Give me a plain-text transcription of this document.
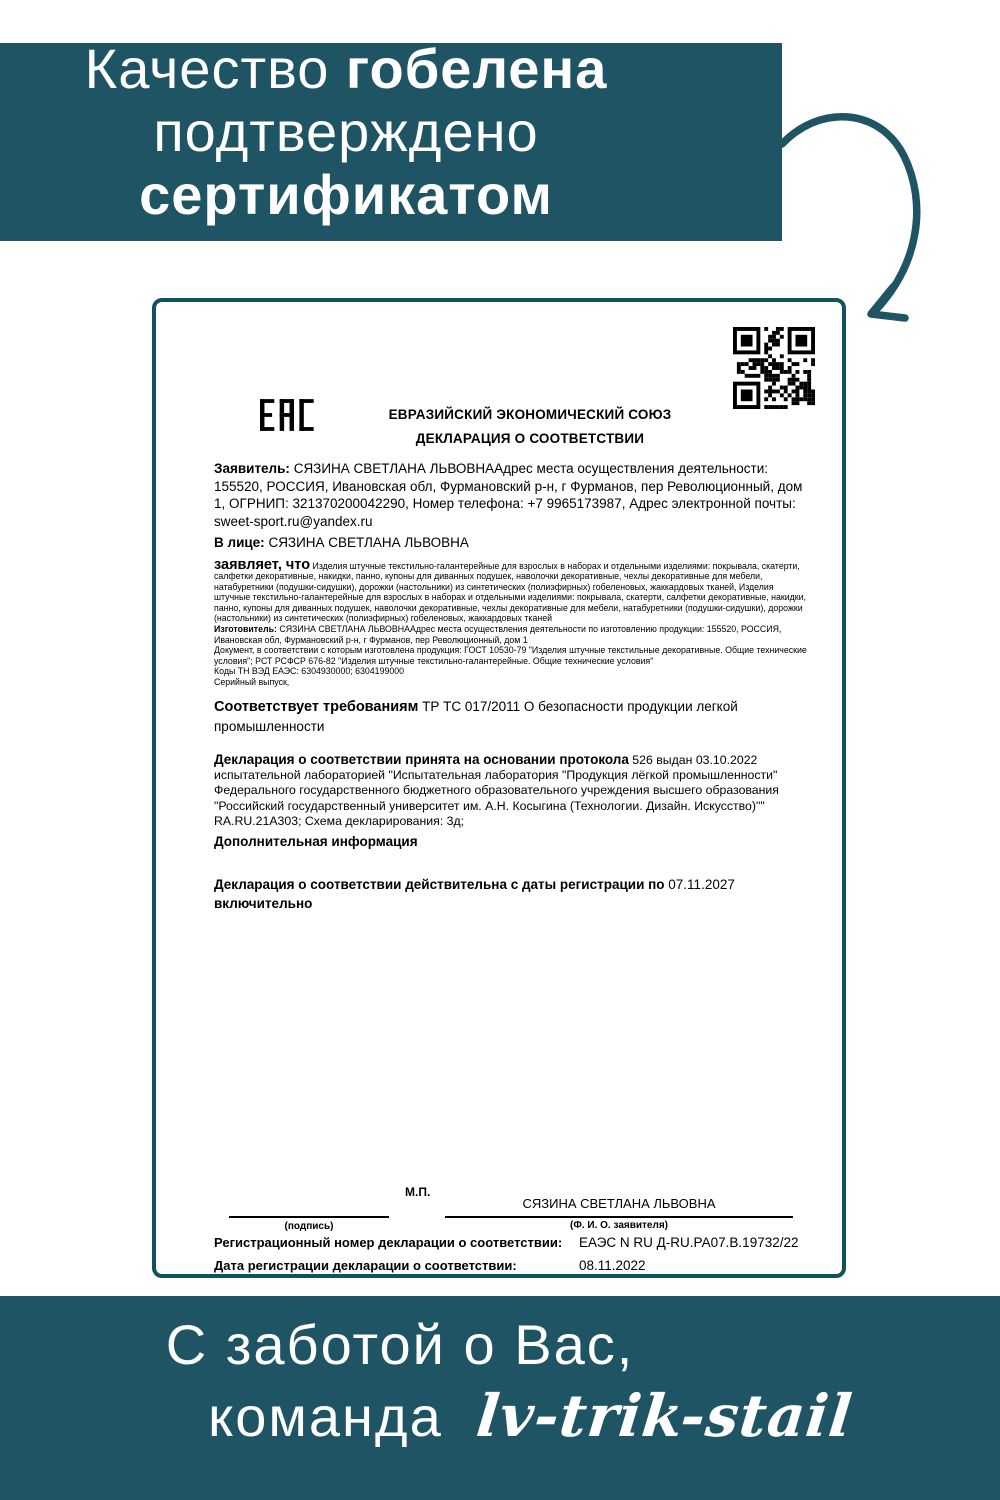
Качество гобелена
подтверждено
сертификатом
ЕВРАЗИЙСКИЙ ЭКОНОМИЧЕСКИЙ СОЮЗ
ДЕКЛАРАЦИЯ О СООТВЕТСТВИИ

Заявитель: СЯЗИНА СВЕТЛАНА ЛЬВОВНААдрес места осуществления деятельности: 155520, РОССИЯ, Ивановская обл, Фурмановский р-н, г Фурманов, пер Революционный, дом 1, ОГРНИП: 321370200042290, Номер телефона: +7 9965173987, Адрес электронной почты: sweet-sport.ru@yandex.ru

В лице: СЯЗИНА СВЕТЛАНА ЛЬВОВНА

заявляет, что Изделия штучные текстильно-галантерейные для взрослых в наборах и отдельными изделиями: покрывала, скатерти, салфетки декоративные, накидки, панно, купоны для диванных подушек, наволочки декоративные, чехлы декоративные для мебели, натабуретники (подушки-сидушки), дорожки (настольники) из синтетических (полиэфирных) гобеленовых, жаккардовых тканей, Изделия штучные текстильно-галантерейные для взрослых в наборах и отдельными изделиями: покрывала, скатерти, салфетки декоративные, накидки, панно, купоны для диванных подушек, наволочки декоративные, чехлы декоративные для мебели, натабуретники (подушки-сидушки), дорожки (настольники) из синтетических (полиэфирных) гобеленовых, жаккардовых тканей

Изготовитель: СЯЗИНА СВЕТЛАНА ЛЬВОВНААдрес места осуществления деятельности по изготовлению продукции: 155520, РОССИЯ, Ивановская обл, Фурмановский р-н, г Фурманов, пер Революционный, дом 1

Документ, в соответствии с которым изготовлена продукция: ГОСТ 10530-79 "Изделия штучные текстильные декоративные. Общие технические условия"; РСТ РСФСР 676-82 "Изделия штучные текстильно-галантерейные. Общие технические условия"

Коды ТН ВЭД ЕАЭС: 6304930000; 6304199000

Серийный выпуск,

Соответствует требованиям ТР ТС 017/2011 О безопасности продукции легкой промышленности

Декларация о соответствии принята на основании протокола 526 выдан 03.10.2022 испытательной лабораторией "Испытательная лаборатория "Продукция лёгкой промышленности" Федерального государственного бюджетного образовательного учреждения высшего образования "Российский государственный университет им. А.Н. Косыгина (Технологии. Дизайн. Искусство)"" RA.RU.21А303; Схема декларирования: 3д;

Дополнительная информация

Декларация о соответствии действительна с даты регистрации по 07.11.2027
включительно

М.П.
СЯЗИНА СВЕТЛАНА ЛЬВОВНА
(подпись)	(Ф. И. О. заявителя)
Регистрационный номер декларации о соответствии: ЕАЭС N RU Д-RU.РА07.В.19732/22
Дата регистрации декларации о соответствии:	08.11.2022
С заботой о Вас,
команда lv-trik-stail
